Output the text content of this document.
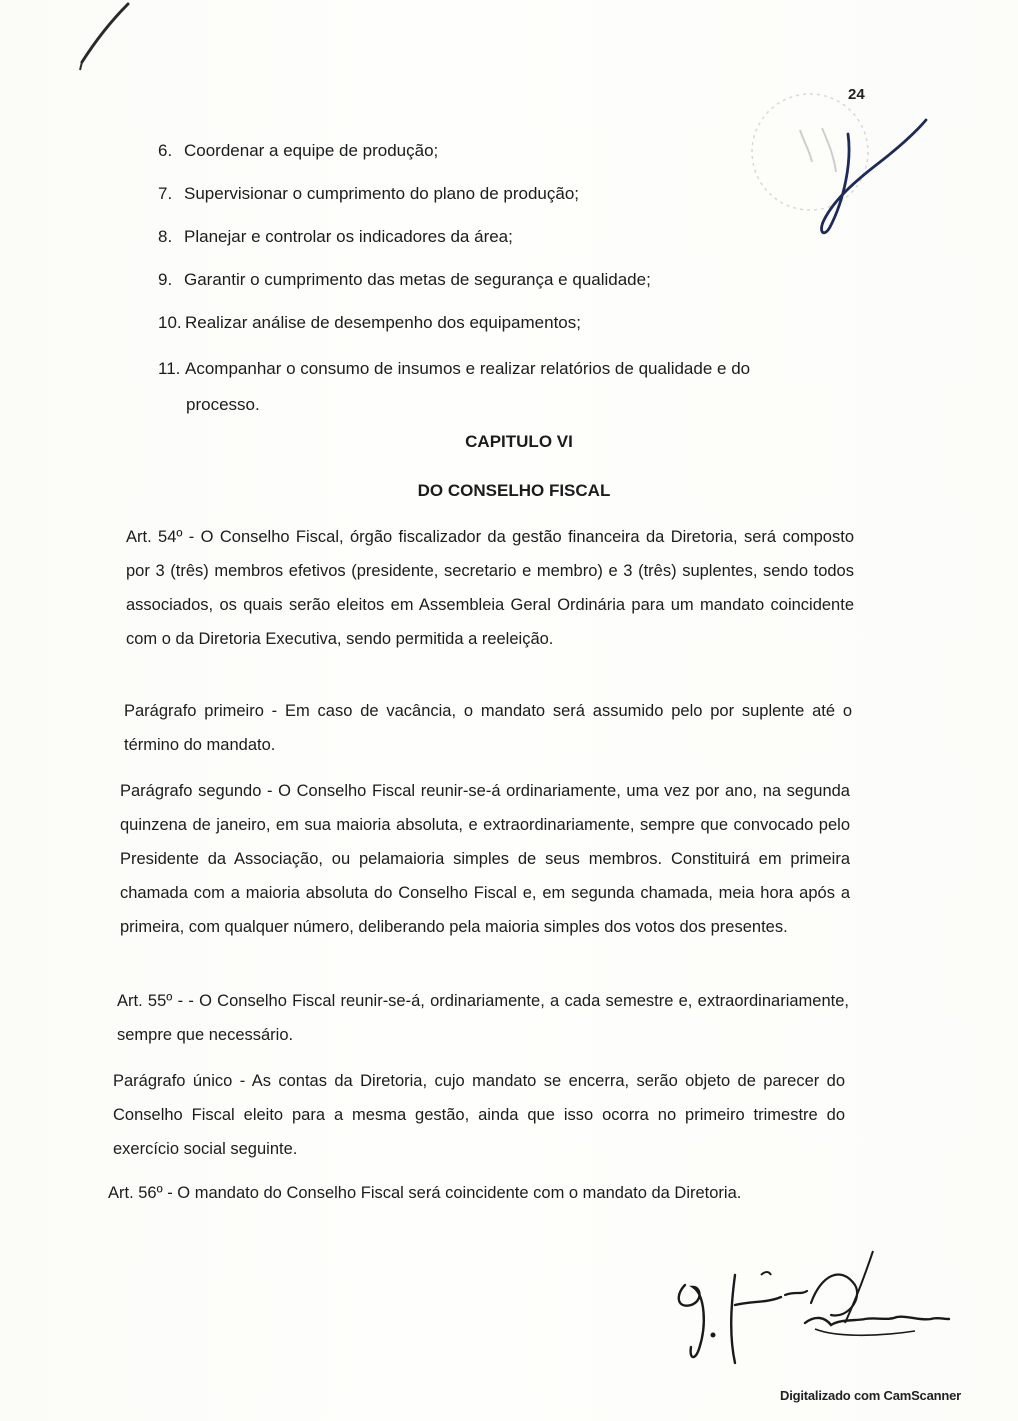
24
6. Coordenar a equipe de produção;
7. Supervisionar o cumprimento do plano de produção;
8. Planejar e controlar os indicadores da área;
9. Garantir o cumprimento das metas de segurança e qualidade;
10. Realizar análise de desempenho dos equipamentos;
11. Acompanhar o consumo de insumos e realizar relatórios de qualidade e do
processo.
CAPITULO VI
DO CONSELHO FISCAL
Art. 54º - O Conselho Fiscal, órgão fiscalizador da gestão financeira da Diretoria, será composto por 3 (três) membros efetivos (presidente, secretario e membro) e 3 (três) suplentes, sendo todos associados, os quais serão eleitos em Assembleia Geral Ordinária para um mandato coincidente com o da Diretoria Executiva, sendo permitida a reeleição.
Parágrafo primeiro - Em caso de vacância, o mandato será assumido pelo por suplente até o término do mandato.
Parágrafo segundo - O Conselho Fiscal reunir-se-á ordinariamente, uma vez por ano, na segunda quinzena de janeiro, em sua maioria absoluta, e extraordinariamente, sempre que convocado pelo Presidente da Associação, ou pelamaioria simples de seus membros. Constituirá em primeira chamada com a maioria absoluta do Conselho Fiscal e, em segunda chamada, meia hora após a primeira, com qualquer número, deliberando pela maioria simples dos votos dos presentes.
Art. 55º - - O Conselho Fiscal reunir-se-á, ordinariamente, a cada semestre e, extraordinariamente, sempre que necessário.
Parágrafo único - As contas da Diretoria, cujo mandato se encerra, serão objeto de parecer do Conselho Fiscal eleito para a mesma gestão, ainda que isso ocorra no primeiro trimestre do exercício social seguinte.
Art. 56º - O mandato do Conselho Fiscal será coincidente com o mandato da Diretoria.
Digitalizado com CamScanner
